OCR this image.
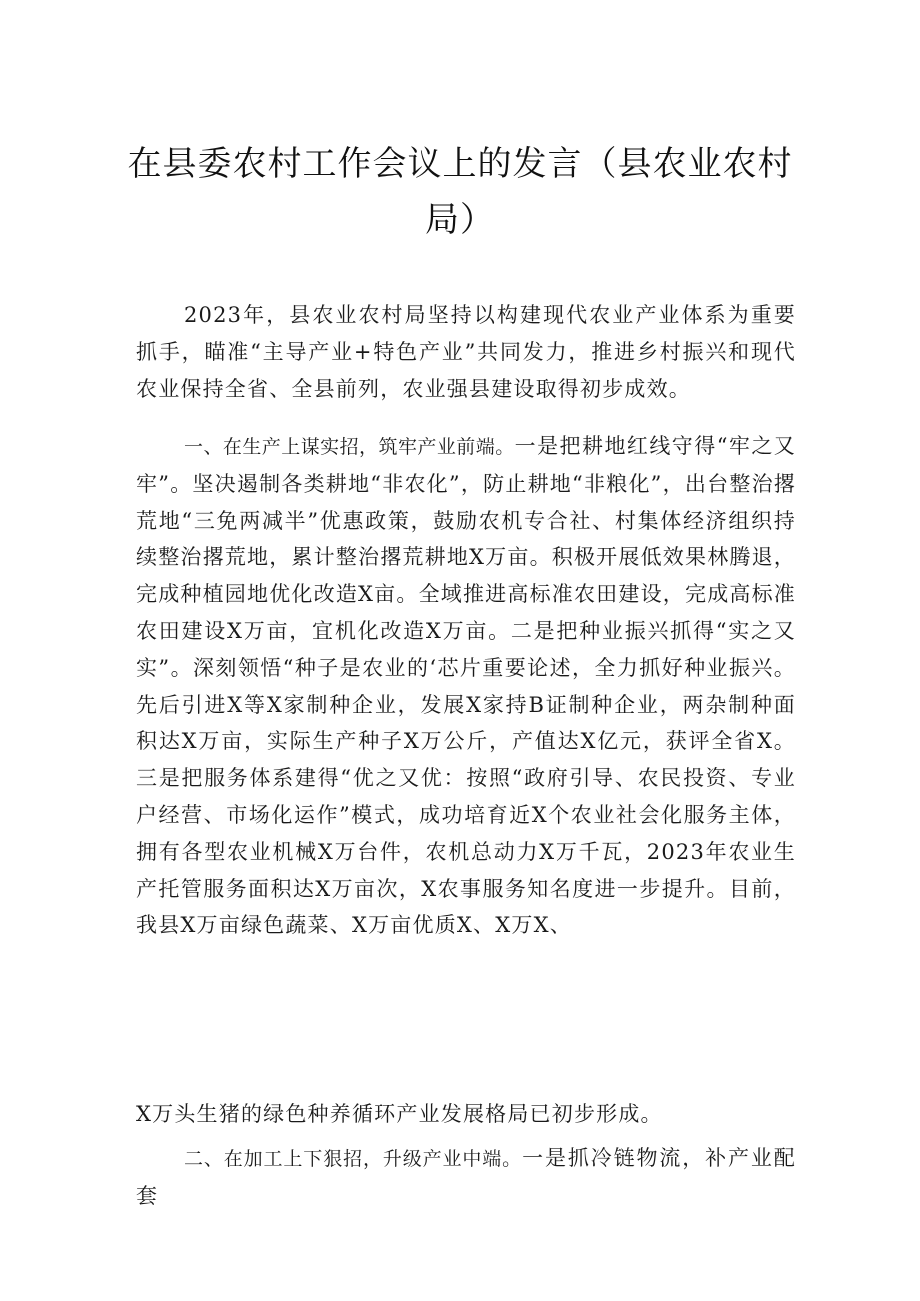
在县委农村工作会议上的发言（县农业农村局）

2023年，县农业农村局坚持以构建现代农业产业体系为重要抓手，瞄准“主导产业+特色产业”共同发力，推进乡村振兴和现代农业保持全省、全县前列，农业强县建设取得初步成效。

一、在生产上谋实招，筑牢产业前端。一是把耕地红线守得“牢之又牢”。坚决遏制各类耕地“非农化”，防止耕地“非粮化”，出台整治撂荒地“三免两减半”优惠政策，鼓励农机专合社、村集体经济组织持续整治撂荒地，累计整治撂荒耕地X万亩。积极开展低效果林腾退，完成种植园地优化改造X亩。全域推进高标准农田建设，完成高标准农田建设X万亩，宜机化改造X万亩。二是把种业振兴抓得“实之又实”。深刻领悟“种子是农业的‘芯片重要论述，全力抓好种业振兴。先后引进X等X家制种企业，发展X家持B证制种企业，两杂制种面积达X万亩，实际生产种子X万公斤，产值达X亿元，获评全省X。三是把服务体系建得“优之又优：按照“政府引导、农民投资、专业户经营、市场化运作”模式，成功培育近X个农业社会化服务主体，拥有各型农业机械X万台件，农机总动力X万千瓦，2023年农业生产托管服务面积达X万亩次，X农事服务知名度进一步提升。目前，我县X万亩绿色蔬菜、X万亩优质X、X万X、

X万头生猪的绿色种养循环产业发展格局已初步形成。

二、在加工上下狠招，升级产业中端。一是抓冷链物流，补产业配套
